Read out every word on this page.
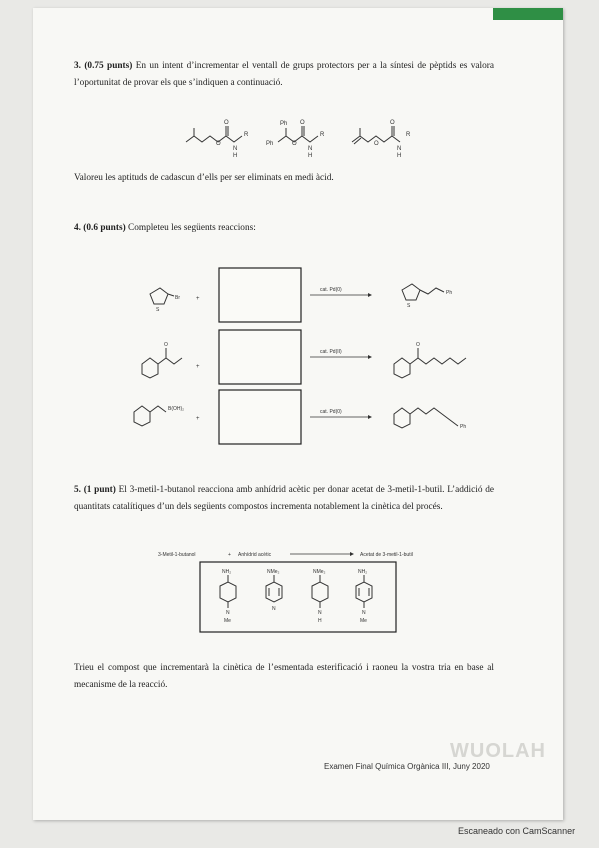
3. (0.75 punts) En un intent d’incrementar el ventall de grups protectors per a la síntesi de pèptids es valora l’oportunitat de provar els que s’indiquen a continuació.
O
O
N
H
R
Ph
Ph	O
O
N
H
R
O
O
N
H
R
Valoreu les aptituds de cadascun d’ells per ser eliminats en medi àcid.
4. (0.6 punts) Completeu les següents reaccions:
S
Br	+
cat. Pd(0)
S
Ph
O
+
cat. Pd(II)
O
B(OH)₂
+
cat. Pd(0)
Ph
5. (1 punt) El 3-metil-1-butanol reacciona amb anhídrid acètic per donar acetat de 3-metil-1-butil. L’addició de quantitats catalítiques d’un dels següents compostos incrementa notablement la cinètica del procés.
3-Metil-1-butanol	+ Anhídrid acètic	Acetat de 3-metil-1-butil
NH₂
N
Me
NMe₂
N
NMe₂
N
H
NH₂
N
Me
Trieu el compost que incrementarà la cinètica de l’esmentada esterificació i raoneu la vostra tria en base al mecanisme de la reacció.
WUOLAH
Examen Final Química Orgànica III, Juny 2020
Escaneado con CamScanner
